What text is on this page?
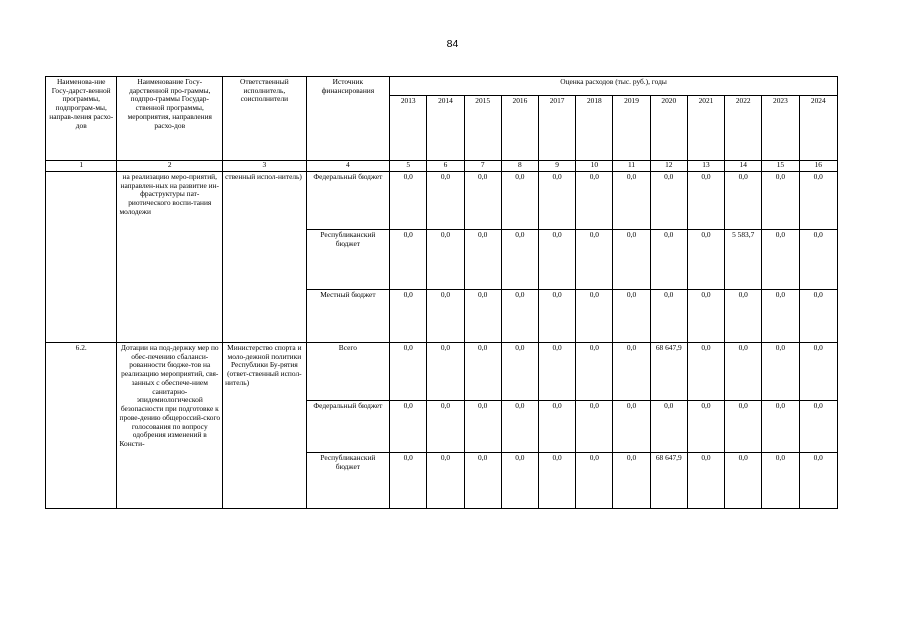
84
Наименова-ние Госу-дарст-венной программы, подпрограм-мы, направ-ления расхо-дов	Наименование Госу-дарственной про-граммы, подпро-граммы Государ-ственной программы, мероприятия, направления расхо-дов	Ответственный исполнитель, соисполнители	Источник финансирования	Оценка расходов (тыс. руб.), годы											
				2013	2014	2015	2016	2017	2018	2019	2020	2021	2022	2023	2024
1	2	3	4	5	6	7	8	9	10	11	12	13	14	15	16
	на реализацию меро-приятий, направлен-ных на развитие ин-фраструктуры пат-риотического воспи-тания молодежи	ственный испол-нитель)	Федеральный бюджет	0,0	0,0	0,0	0,0	0,0	0,0	0,0	0,0	0,0	0,0	0,0	0,0
			Республиканский бюджет	0,0	0,0	0,0	0,0	0,0	0,0	0,0	0,0	0,0	5 583,7	0,0	0,0
			Местный бюджет	0,0	0,0	0,0	0,0	0,0	0,0	0,0	0,0	0,0	0,0	0,0	0,0
6.2.	Дотации на под-держку мер по обес-печению сбаланси-рованности бюдже-тов на реализацию мероприятий, свя-занных с обеспече-нием санитарно-эпидемиологической безопасности при подготовке к прове-дению общероссий-ского голосования по вопросу одобрения изменений в Консти-	Министерство спорта и моло-дежной политики Республики Бу-рятия (ответ-ственный испол-нитель)	Всего	0,0	0,0	0,0	0,0	0,0	0,0	0,0	68 647,9	0,0	0,0	0,0	0,0
			Федеральный бюджет	0,0	0,0	0,0	0,0	0,0	0,0	0,0	0,0	0,0	0,0	0,0	0,0
			Республиканский бюджет	0,0	0,0	0,0	0,0	0,0	0,0	0,0	68 647,9	0,0	0,0	0,0	0,0
